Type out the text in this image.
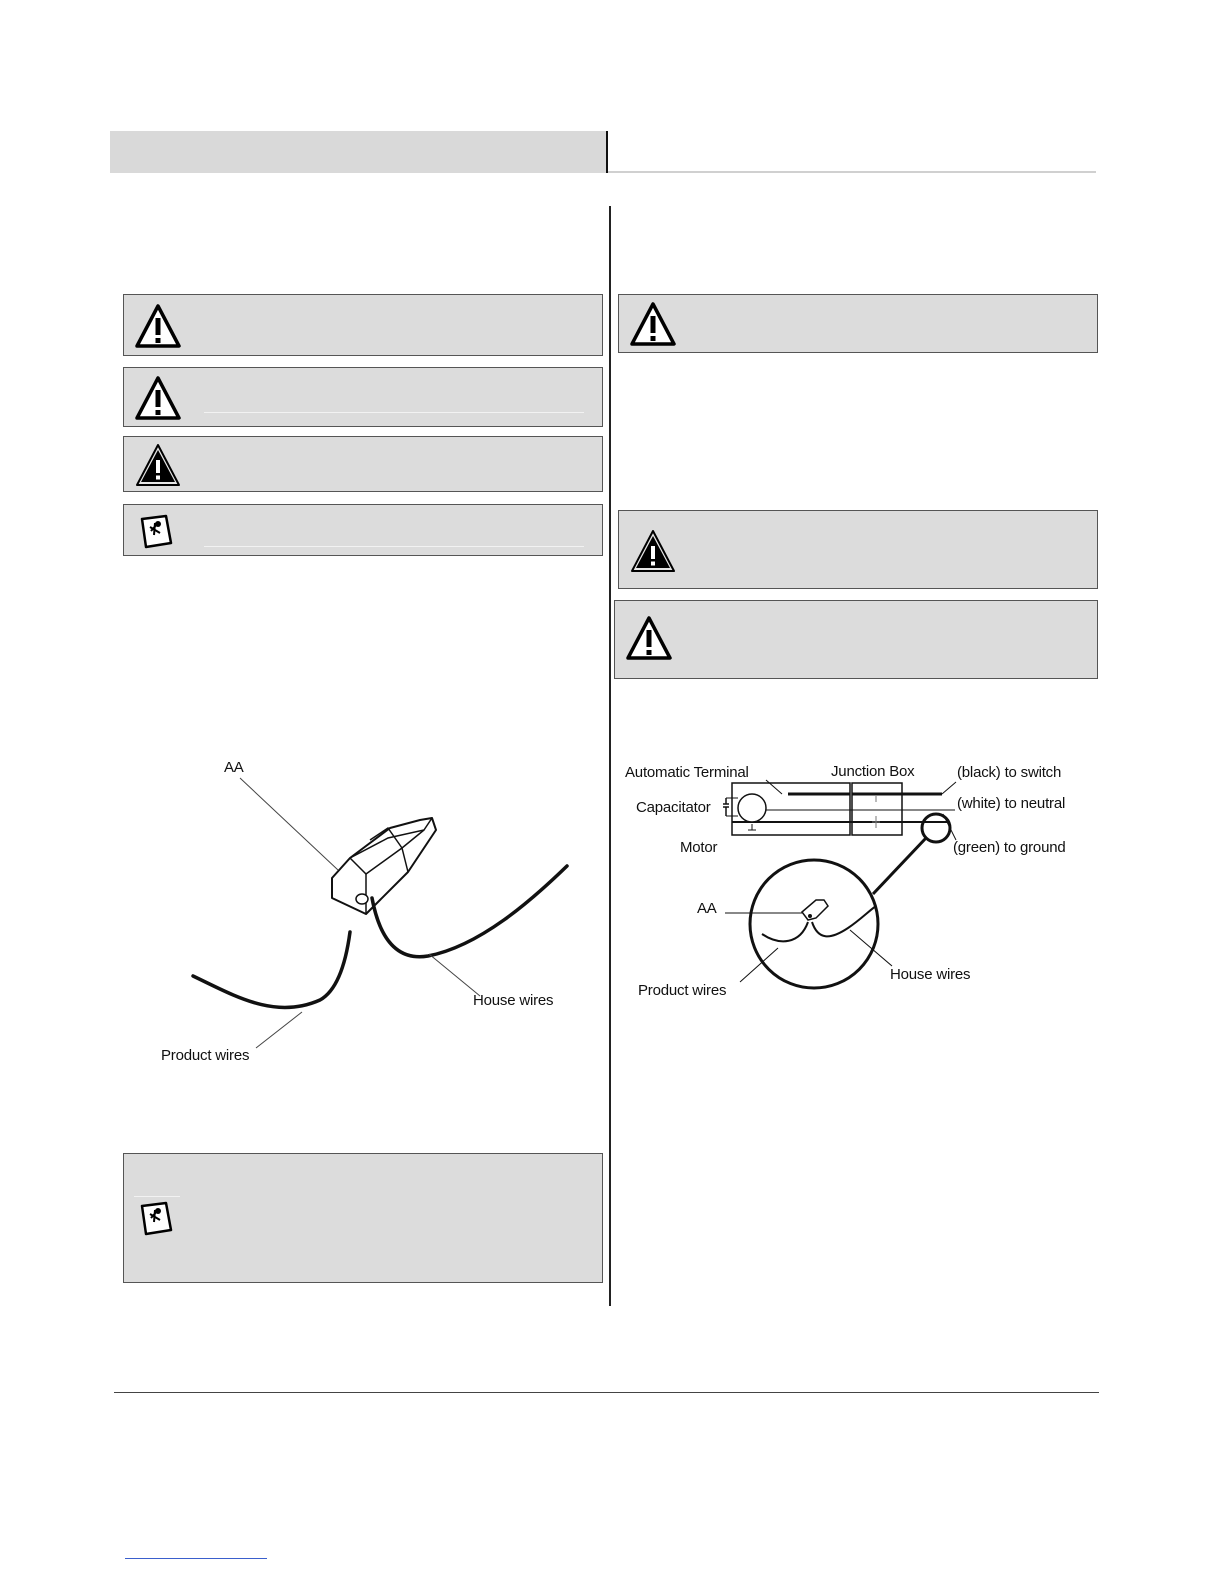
AA
House wires
Product wires
Automatic Terminal	Junction Box	(black) to switch
Capacitator	(white) to neutral
Motor	(green) to ground
AA
House wires
Product wires
